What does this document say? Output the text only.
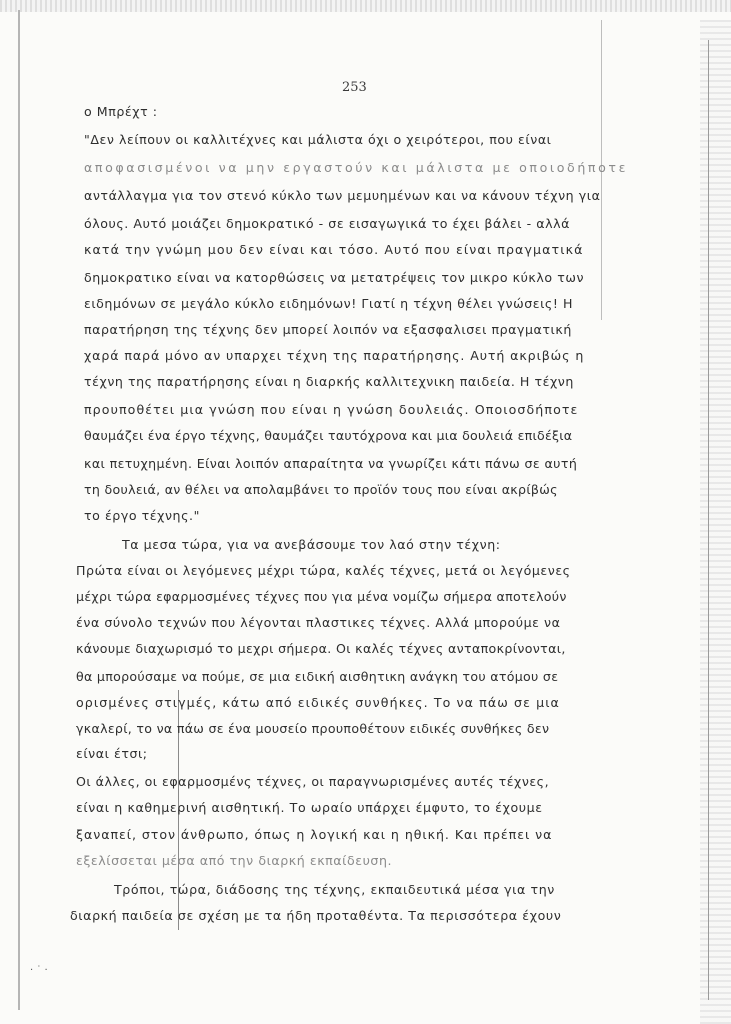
253
ο Μπρέχτ :
"Δεν λείπουν οι καλλιτέχνες και μάλιστα όχι ο χειρότεροι, που είναι
αποφασισμένοι να μην εργαστούν και μάλιστα με οποιοδήποτε
αντάλλαγμα για τον στενό κύκλο των μεμυημένων και να κάνουν τέχνη για
όλους. Αυτό μοιάζει δημοκρατικό - σε εισαγωγικά το έχει βάλει - αλλά
κατά την γνώμη μου δεν είναι και τόσο. Αυτό που είναι πραγματικά
δημοκρατικο είναι να κατορθώσεις να μετατρέψεις τον μικρο κύκλο των
ειδημόνων σε μεγάλο κύκλο ειδημόνων! Γιατί η τέχνη θέλει γνώσεις! Η
παρατήρηση της τέχνης δεν μπορεί λοιπόν να εξασφαλισει πραγματική
χαρά παρά μόνο αν υπαρχει τέχνη της παρατήρησης. Αυτή ακριβώς η
τέχνη της παρατήρησης είναι η διαρκής καλλιτεχνικη παιδεία. Η τέχνη
προυποθέτει μια γνώση που είναι η γνώση δουλειάς. Οποιοσδήποτε
θαυμάζει ένα έργο τέχνης, θαυμάζει ταυτόχρονα και μια δουλειά επιδέξια
και πετυχημένη. Είναι λοιπόν απαραίτητα να γνωρίζει κάτι πάνω σε αυτή
τη δουλειά, αν θέλει να απολαμβάνει το προϊόν τους που είναι ακρίβώς
το έργο τέχνης."
Τα μεσα τώρα, για να ανεβάσουμε τον λαό στην τέχνη:
Πρώτα είναι οι λεγόμενες μέχρι τώρα, καλές τέχνες, μετά οι λεγόμενες
μέχρι τώρα εφαρμοσμένες τέχνες που για μένα νομίζω σήμερα αποτελούν
ένα σύνολο τεχνών που λέγονται πλαστικες τέχνες. Αλλά μπορούμε να
κάνουμε διαχωρισμό το μεχρι σήμερα. Οι καλές τέχνες ανταποκρίνονται,
θα μπορούσαμε να πούμε, σε μια ειδική αισθητικη ανάγκη του ατόμου σε
ορισμένες στιγμές, κάτω από ειδικές συνθήκες. Το να πάω σε μια
γκαλερί, το να πάω σε ένα μουσείο προυποθέτουν ειδικές συνθήκες δεν
είναι έτσι;
Οι άλλες, οι εφαρμοσμένς τέχνες, οι παραγνωρισμένες αυτές τέχνες,
είναι η καθημερινή αισθητική. Το ωραίο υπάρχει έμφυτο, το έχουμε
ξαναπεί, στον άνθρωπο, όπως η λογική και η ηθική. Και πρέπει να
εξελίσσεται μέσα από την διαρκή εκπαίδευση.
Τρόποι, τώρα, διάδοσης της τέχνης, εκπαιδευτικά μέσα για την
διαρκή παιδεία σε σχέση με τα ήδη προταθέντα. Τα περισσότερα έχουν
· ˙ ·
